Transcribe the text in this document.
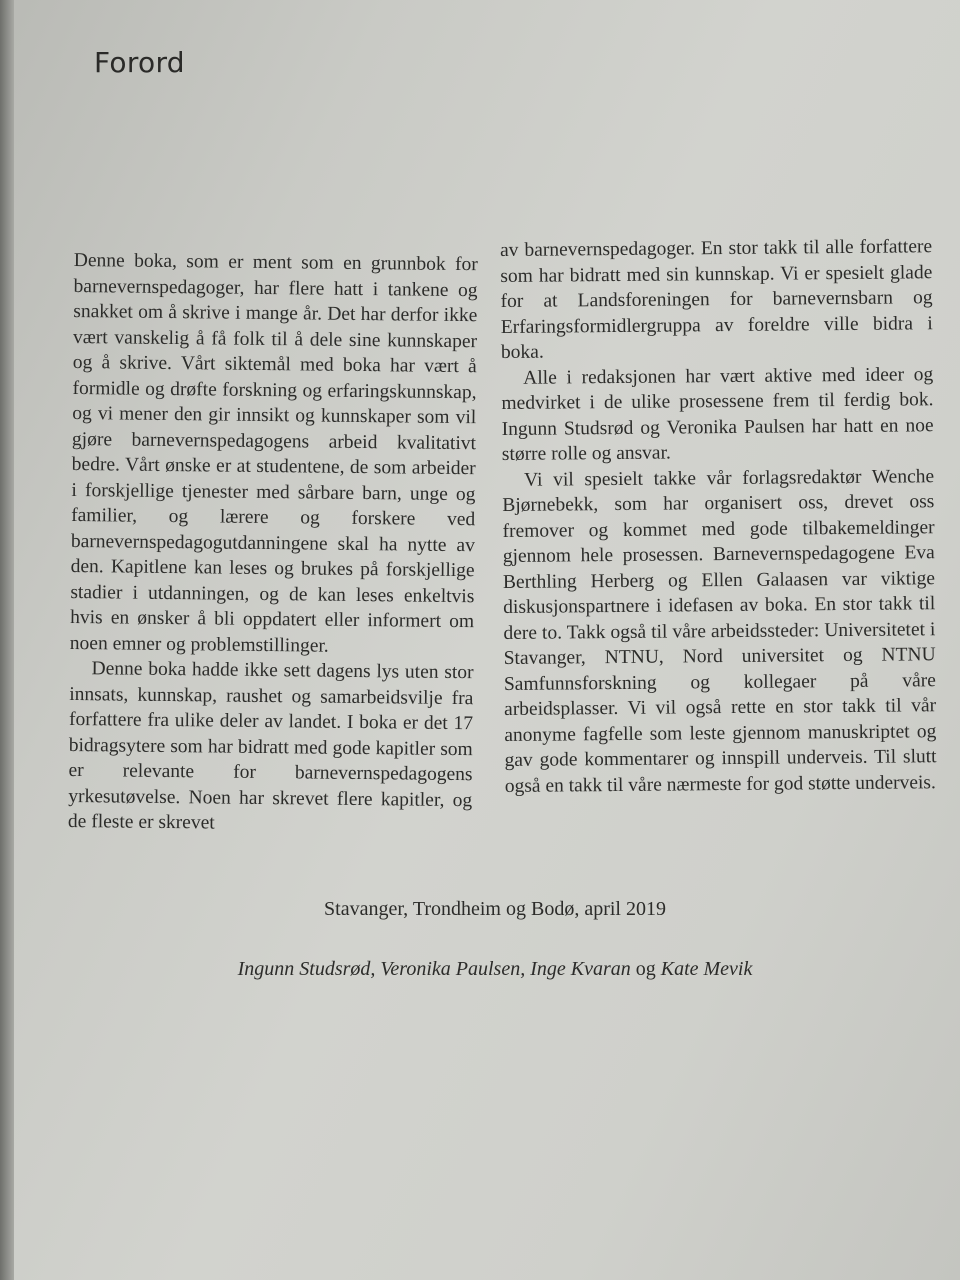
Forord

Denne boka, som er ment som en grunnbok for barnevernspedagoger, har flere hatt i tankene og snakket om å skrive i mange år. Det har derfor ikke vært vanskelig å få folk til å dele sine kunnskaper og å skrive. Vårt siktemål med boka har vært å formidle og drøfte forskning og erfaringskunnskap, og vi mener den gir innsikt og kunnskaper som vil gjøre barnevernspedagogens arbeid kvalitativt bedre. Vårt ønske er at studentene, de som arbeider i forskjellige tjenester med sårbare barn, unge og familier, og lærere og forskere ved barnevernspedagogutdanningene skal ha nytte av den. Kapitlene kan leses og brukes på forskjellige stadier i utdanningen, og de kan leses enkeltvis hvis en ønsker å bli oppdatert eller informert om noen emner og problemstillinger.

Denne boka hadde ikke sett dagens lys uten stor innsats, kunnskap, raushet og samarbeidsvilje fra forfattere fra ulike deler av landet. I boka er det 17 bidragsytere som har bidratt med gode kapitler som er relevante for barnevernspedagogens yrkesutøvelse. Noen har skrevet flere kapitler, og de fleste er skrevet

av barnevernspedagoger. En stor takk til alle forfattere som har bidratt med sin kunnskap. Vi er spesielt glade for at Landsforeningen for barnevernsbarn og Erfaringsformidlergruppa av foreldre ville bidra i boka.

Alle i redaksjonen har vært aktive med ideer og medvirket i de ulike prosessene frem til ferdig bok. Ingunn Studsrød og Veronika Paulsen har hatt en noe større rolle og ansvar.

Vi vil spesielt takke vår forlagsredaktør Wenche Bjørnebekk, som har organisert oss, drevet oss fremover og kommet med gode tilbakemeldinger gjennom hele prosessen. Barnevernspedagogene Eva Berthling Herberg og Ellen Galaasen var viktige diskusjonspartnere i idefasen av boka. En stor takk til dere to. Takk også til våre arbeidssteder: Universitetet i Stavanger, NTNU, Nord universitet og NTNU Samfunnsforskning og kollegaer på våre arbeidsplasser. Vi vil også rette en stor takk til vår anonyme fagfelle som leste gjennom manuskriptet og gav gode kommentarer og innspill underveis. Til slutt også en takk til våre nærmeste for god støtte underveis.

Stavanger, Trondheim og Bodø, april 2019

Ingunn Studsrød, Veronika Paulsen, Inge Kvaran og Kate Mevik
